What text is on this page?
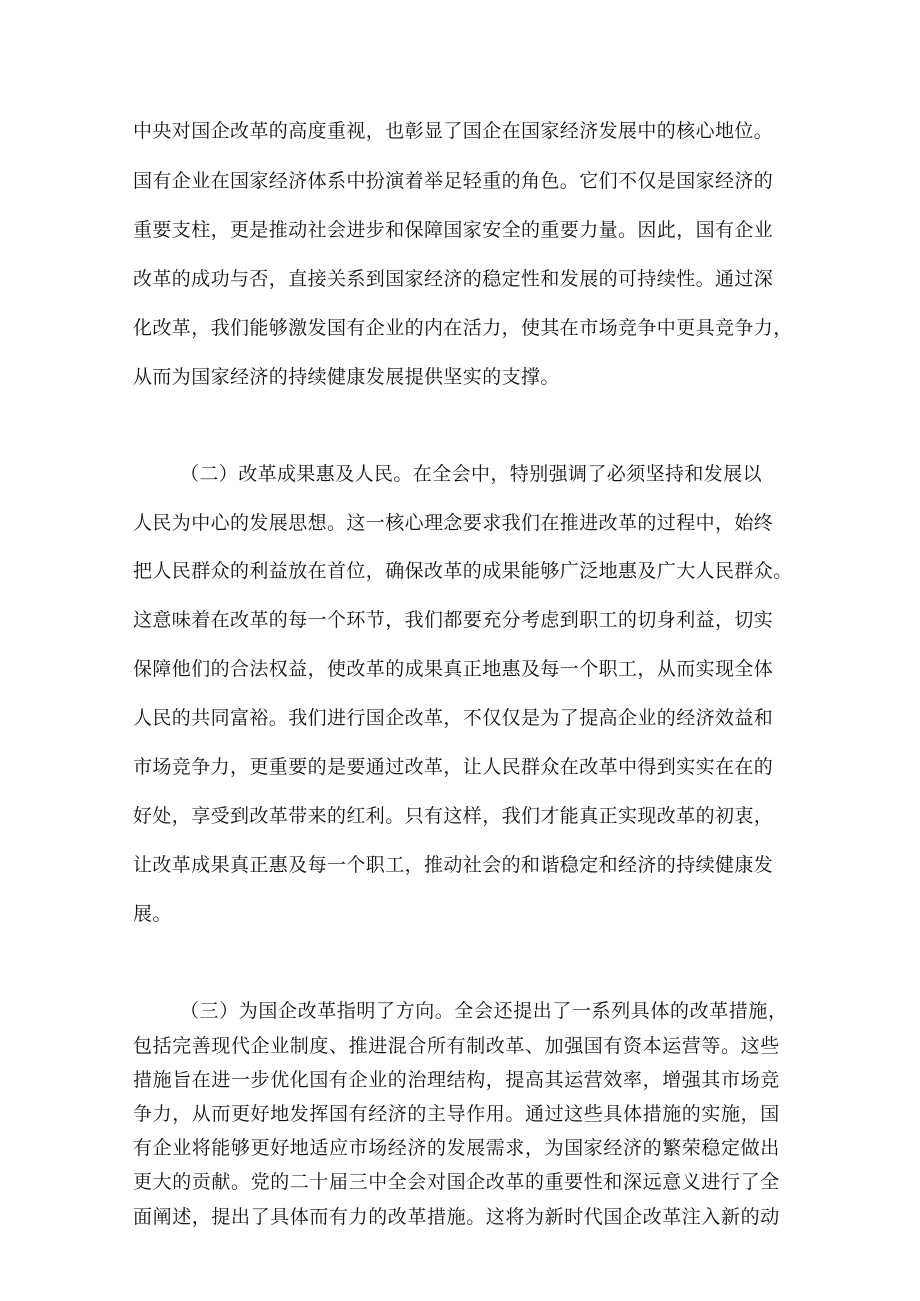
中央对国企改革的高度重视，也彰显了国企在国家经济发展中的核心地位。
国有企业在国家经济体系中扮演着举足轻重的角色。它们不仅是国家经济的
重要支柱，更是推动社会进步和保障国家安全的重要力量。因此，国有企业
改革的成功与否，直接关系到国家经济的稳定性和发展的可持续性。通过深
化改革，我们能够激发国有企业的内在活力，使其在市场竞争中更具竞争力，
从而为国家经济的持续健康发展提供坚实的支撑。
（二）改革成果惠及人民。在全会中，特别强调了必须坚持和发展以
人民为中心的发展思想。这一核心理念要求我们在推进改革的过程中，始终
把人民群众的利益放在首位，确保改革的成果能够广泛地惠及广大人民群众。
这意味着在改革的每一个环节，我们都要充分考虑到职工的切身利益，切实
保障他们的合法权益，使改革的成果真正地惠及每一个职工，从而实现全体
人民的共同富裕。我们进行国企改革，不仅仅是为了提高企业的经济效益和
市场竞争力，更重要的是要通过改革，让人民群众在改革中得到实实在在的
好处，享受到改革带来的红利。只有这样，我们才能真正实现改革的初衷，
让改革成果真正惠及每一个职工，推动社会的和谐稳定和经济的持续健康发
展。
（三）为国企改革指明了方向。全会还提出了一系列具体的改革措施，
包括完善现代企业制度、推进混合所有制改革、加强国有资本运营等。这些
措施旨在进一步优化国有企业的治理结构，提高其运营效率，增强其市场竞
争力，从而更好地发挥国有经济的主导作用。通过这些具体措施的实施，国
有企业将能够更好地适应市场经济的发展需求，为国家经济的繁荣稳定做出
更大的贡献。党的二十届三中全会对国企改革的重要性和深远意义进行了全
面阐述，提出了具体而有力的改革措施。这将为新时代国企改革注入新的动
